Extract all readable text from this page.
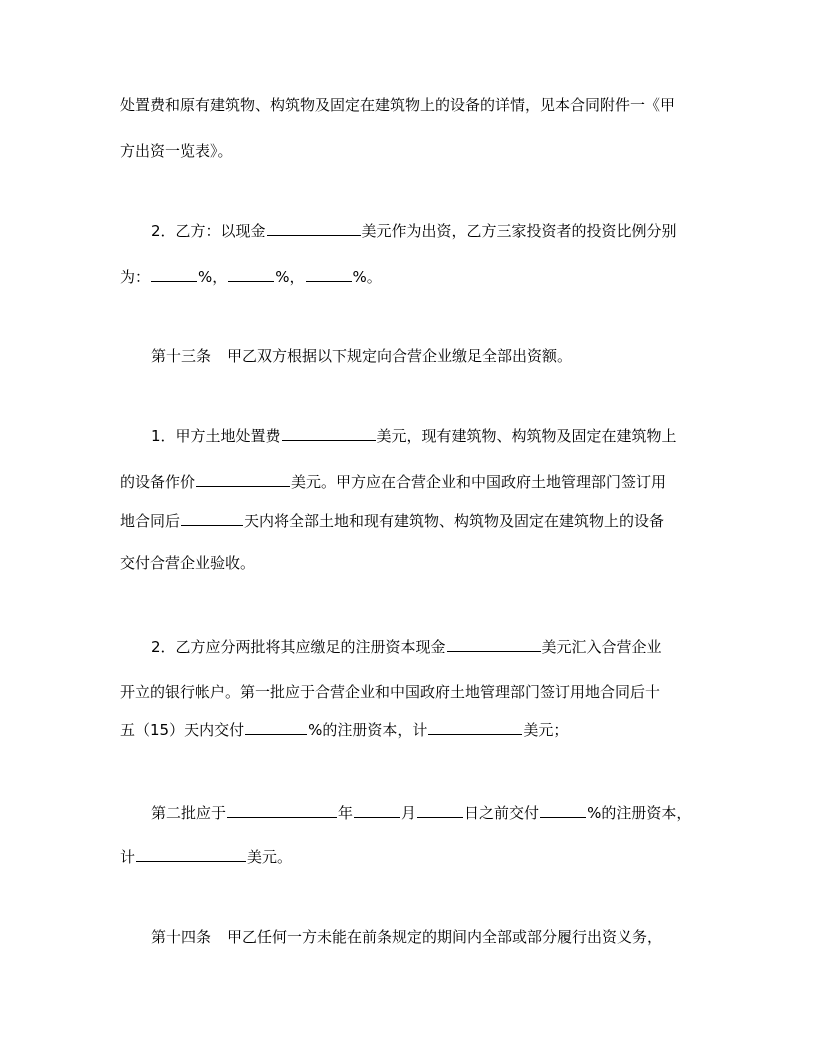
处置费和原有建筑物、构筑物及固定在建筑物上的设备的详情，见本合同附件一《甲
方出资一览表》。
2．乙方：以现金	美元作为出资，乙方三家投资者的投资比例分别
为：	%，	%，	%。
第十三条 甲乙双方根据以下规定向合营企业缴足全部出资额。
1．甲方土地处置费	美元，现有建筑物、构筑物及固定在建筑物上
的设备作价	美元。甲方应在合营企业和中国政府土地管理部门签订用
地合同后	天内将全部土地和现有建筑物、构筑物及固定在建筑物上的设备
交付合营企业验收。
2．乙方应分两批将其应缴足的注册资本现金	美元汇入合营企业
开立的银行帐户。第一批应于合营企业和中国政府土地管理部门签订用地合同后十
五（15）天内交付	%的注册资本，计	美元；
第二批应于	年	月	日之前交付	%的注册资本，
计	美元。
第十四条 甲乙任何一方未能在前条规定的期间内全部或部分履行出资义务，
